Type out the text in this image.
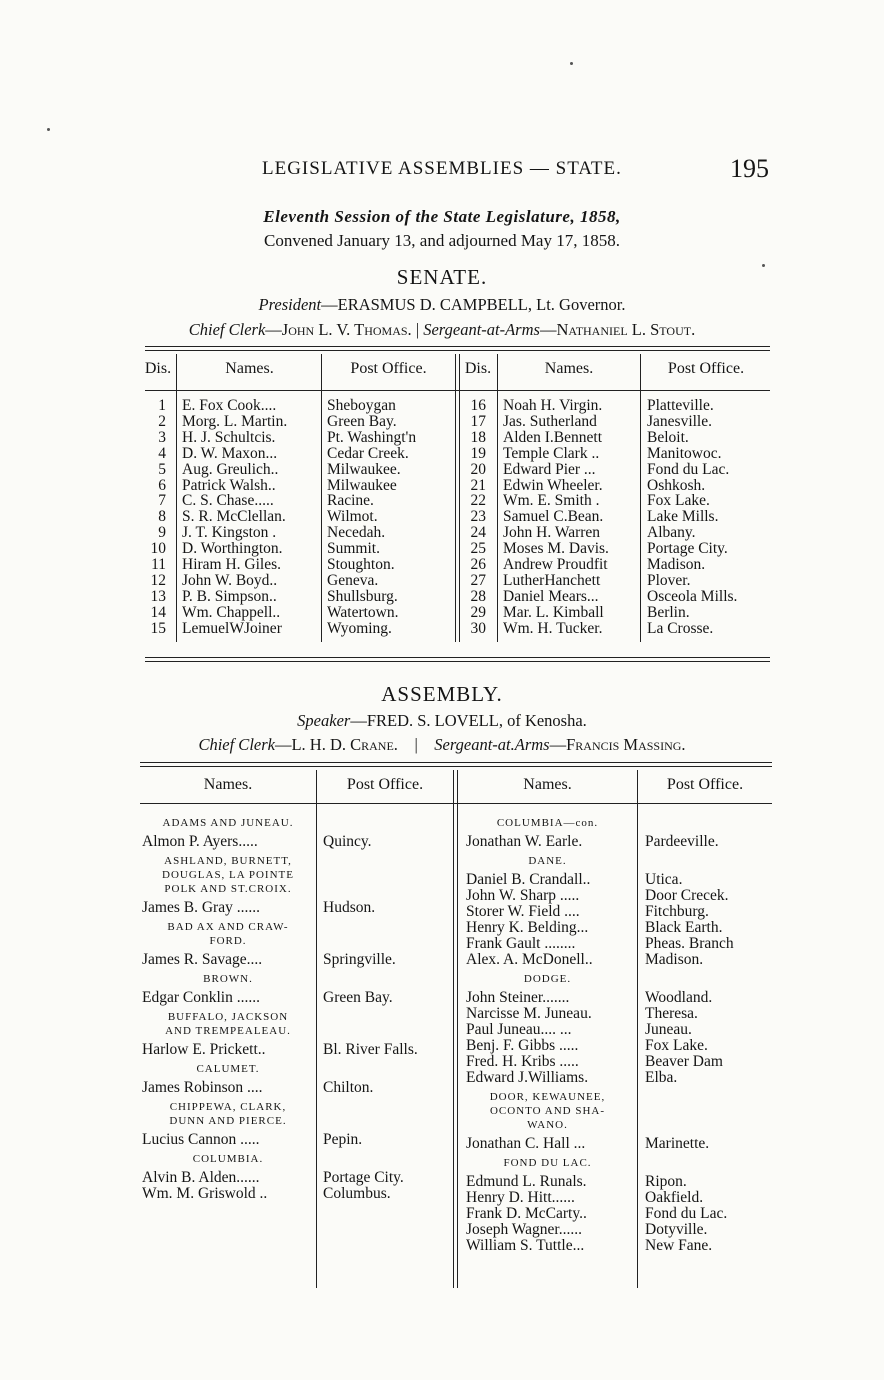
LEGISLATIVE ASSEMBLIES — STATE.	195
Eleventh Session of the State Legislature, 1858,
Convened January 13, and adjourned May 17, 1858.
SENATE.
President—ERASMUS D. CAMPBELL, Lt. Governor.
Chief Clerk—John L. V. Thomas. | Sergeant-at-Arms—Nathaniel L. Stout.
Dis.	Names.	Post Office.	Dis.	Names.	Post Office.
1 E. Fox Cook....	Sheboygan
2 Morg. L. Martin.	Green Bay.
3 H. J. Schultcis.	Pt. Washingt'n
4 D. W. Maxon...	Cedar Creek.
5 Aug. Greulich..	Milwaukee.
6 Patrick Walsh..	Milwaukee
7 C. S. Chase.....	Racine.
8 S. R. McClellan.	Wilmot.
9 J. T. Kingston .	Necedah.
10 D. Worthington.	Summit.
11 Hiram H. Giles.	Stoughton.
12 John W. Boyd..	Geneva.
13 P. B. Simpson..	Shullsburg.
14 Wm. Chappell..	Watertown.
15 LemuelWJoiner	Wyoming.
16 Noah H. Virgin.	Platteville.
17 Jas. Sutherland	Janesville.
18 Alden I.Bennett	Beloit.
19 Temple Clark ..	Manitowoc.
20 Edward Pier ...	Fond du Lac.
21 Edwin Wheeler.	Oshkosh.
22 Wm. E. Smith .	Fox Lake.
23 Samuel C.Bean.	Lake Mills.
24 John H. Warren	Albany.
25 Moses M. Davis. Portage City.
26 Andrew Proudfit	Madison.
27 LutherHanchett	Plover.
28 Daniel Mears...	Osceola Mills.
29 Mar. L. Kimball	Berlin.
30 Wm. H. Tucker.	La Crosse.
ASSEMBLY.
Speaker—FRED. S. LOVELL, of Kenosha.
Chief Clerk—L. H. D. Crane.    |    Sergeant-at.Arms—Francis Massing.
Names.	Post Office.	Names.	Post Office.
ADAMS AND JUNEAU.
Almon P. Ayers.....	Quincy.
ASHLAND, BURNETT,
DOUGLAS, LA POINTE
POLK AND ST.CROIX.
James B. Gray ......	Hudson.
BAD AX AND CRAW-
FORD.
James R. Savage....	Springville.
BROWN.
Edgar Conklin ......	Green Bay.
BUFFALO, JACKSON
AND TREMPEALEAU.
Harlow E. Prickett..	Bl. River Falls.
CALUMET.
James Robinson ....	Chilton.
CHIPPEWA, CLARK,
DUNN AND PIERCE.
Lucius Cannon .....	Pepin.
COLUMBIA.
Alvin B. Alden......	Portage City.
Wm. M. Griswold ..	Columbus.
COLUMBIA—con.
Jonathan W. Earle.	Pardeeville.
DANE.
Daniel B. Crandall..	Utica.
John W. Sharp .....	Door Crecek.
Storer W. Field ....	Fitchburg.
Henry K. Belding...	Black Earth.
Frank Gault ........	Pheas. Branch
Alex. A. McDonell..	Madison.
DODGE.
John Steiner.......	Woodland.
Narcisse M. Juneau.	Theresa.
Paul Juneau.... ...	Juneau.
Benj. F. Gibbs .....	Fox Lake.
Fred. H. Kribs .....	Beaver Dam
Edward J.Williams.	Elba.
DOOR, KEWAUNEE,
OCONTO AND SHA-
WANO.
Jonathan C. Hall ...	Marinette.
FOND DU LAC.
Edmund L. Runals.	Ripon.
Henry D. Hitt......	Oakfield.
Frank D. McCarty..	Fond du Lac.
Joseph Wagner......	Dotyville.
William S. Tuttle...	New Fane.
